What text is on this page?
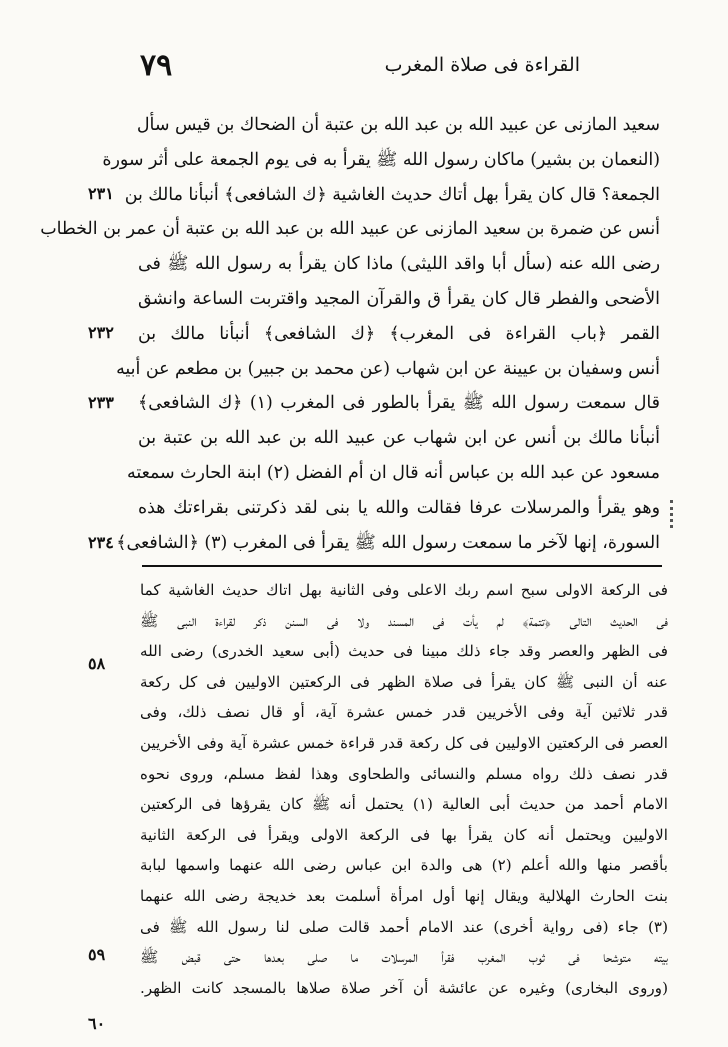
٧٩	القراءة فى صلاة المغرب
سعيد المازنى عن عبيد الله بن عبد الله بن عتبة أن الضحاك بن قيس سأل
(النعمان بن بشير) ماكان رسول الله ﷺ يقرأ به فى يوم الجمعة على أثر سورة
الجمعة؟ قال كان يقرأ بهل أتاك حديث الغاشية ﴿ك الشافعى﴾ أنبأنا مالك بن
أنس عن ضمرة بن سعيد المازنى عن عبيد الله بن عبد الله بن عتبة أن عمر بن الخطاب
رضى الله عنه (سأل أبا واقد الليثى) ماذا كان يقرأ به رسول الله ﷺ فى
الأضحى والفطر قال كان يقرأ ق والقرآن المجيد واقتربت الساعة وانشق
القمر ﴿باب القراءة فى المغرب﴾ ﴿ك الشافعى﴾ أنبأنا مالك بن
أنس وسفيان بن عيينة عن ابن شهاب (عن محمد بن جبير) بن مطعم عن أبيه
قال سمعت رسول الله ﷺ يقرأ بالطور فى المغرب (١) ﴿ك الشافعى﴾
أنبأنا مالك بن أنس عن ابن شهاب عن عبيد الله بن عبد الله بن عتبة بن
مسعود عن عبد الله بن عباس أنه قال ان أم الفضل (٢) ابنة الحارث سمعته
وهو يقرأ والمرسلات عرفا فقالت والله يا بنى لقد ذكرتنى بقراءتك هذه
السورة، إنها لآخر ما سمعت رسول الله ﷺ يقرأ فى المغرب (٣) ﴿الشافعى﴾
٢٣١
٢٣٢
٢٣٣
٢٣٤
فى الركعة الاولى سبح اسم ربك الاعلى وفى الثانية بهل اتاك حديث الغاشية كما
فى الحديث التالى ﴿تتمة﴾ لم يأت فى المسند ولا فى السنن ذكر لقراءة النبى ﷺ
فى الظهر والعصر وقد جاء ذلك مبينا فى حديث (أبى سعيد الخدرى) رضى الله
عنه أن النبى ﷺ كان يقرأ فى صلاة الظهر فى الركعتين الاوليين فى كل ركعة
قدر ثلاثين آية وفى الأخريين قدر خمس عشرة آية، أو قال نصف ذلك، وفى
العصر فى الركعتين الاوليين فى كل ركعة قدر قراءة خمس عشرة آية وفى الأخريين
قدر نصف ذلك رواه مسلم والنسائى والطحاوى وهذا لفظ مسلم، وروى نحوه
الامام أحمد من حديث أبى العالية (١) يحتمل أنه ﷺ كان يقرؤها فى الركعتين
الاوليين ويحتمل أنه كان يقرأ بها فى الركعة الاولى ويقرأ فى الركعة الثانية
بأقصر منها والله أعلم (٢) هى والدة ابن عباس رضى الله عنهما واسمها لبابة
بنت الحارث الهلالية ويقال إنها أول امرأة أسلمت بعد خديجة رضى الله عنهما
(٣) جاء (فى رواية أخرى) عند الامام أحمد قالت صلى لنا رسول الله ﷺ فى
بيته متوشحا فى ثوب المغرب فقرأ المرسلات ما صلى بعدها حتى قبض ﷺ
(وروى البخارى) وغيره عن عائشة أن آخر صلاة صلاها بالمسجد كانت الظهر.
٥٨
٥٩
٦٠
